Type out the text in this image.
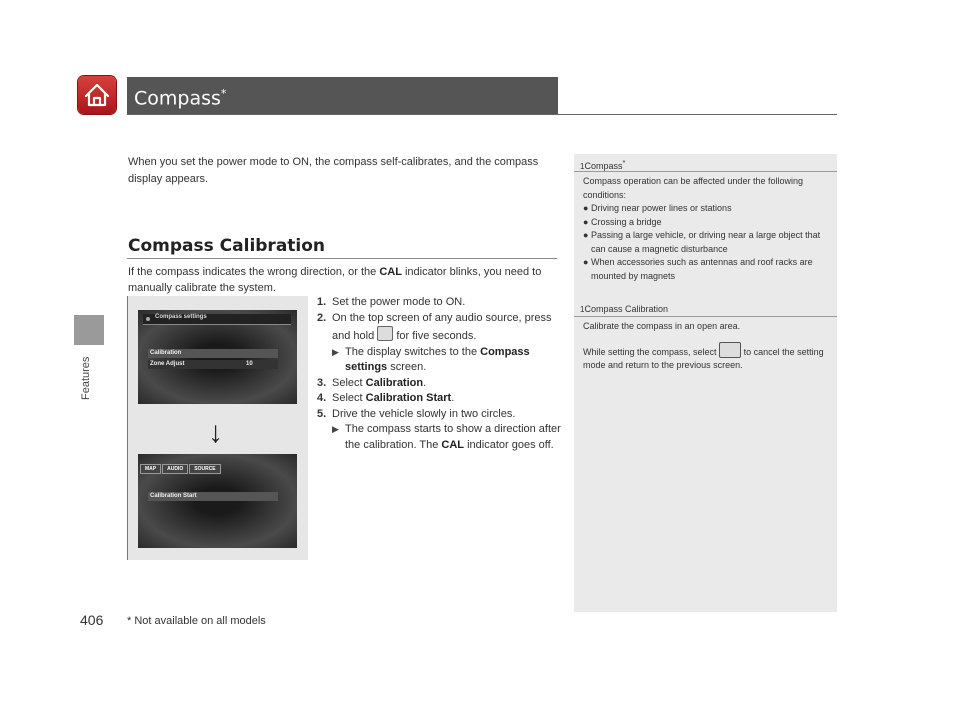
Features
406
Compass*
When you set the power mode to ON, the compass self-calibrates, and the compass display appears.
Compass Calibration
If the compass indicates the wrong direction, or the CAL indicator blinks, you need to manually calibrate the system.
Compass settings
Calibration
Zone Adjust	10
↓
MAP AUDIO SOURCE
Calibration Start
1. Set the power mode to ON.
2. On the top screen of any audio source, press and hold  for five seconds.
▶ The display switches to the Compass settings screen.
3. Select Calibration.
4. Select Calibration Start.
5. Drive the vehicle slowly in two circles.
▶ The compass starts to show a direction after the calibration. The CAL indicator goes off.
1Compass*
Compass operation can be affected under the following conditions:
● Driving near power lines or stations
● Crossing a bridge
● Passing a large vehicle, or driving near a large object that can cause a magnetic disturbance
● When accessories such as antennas and roof racks are mounted by magnets
1Compass Calibration
Calibrate the compass in an open area.
While setting the compass, select  to cancel the setting mode and return to the previous screen.
* Not available on all models
